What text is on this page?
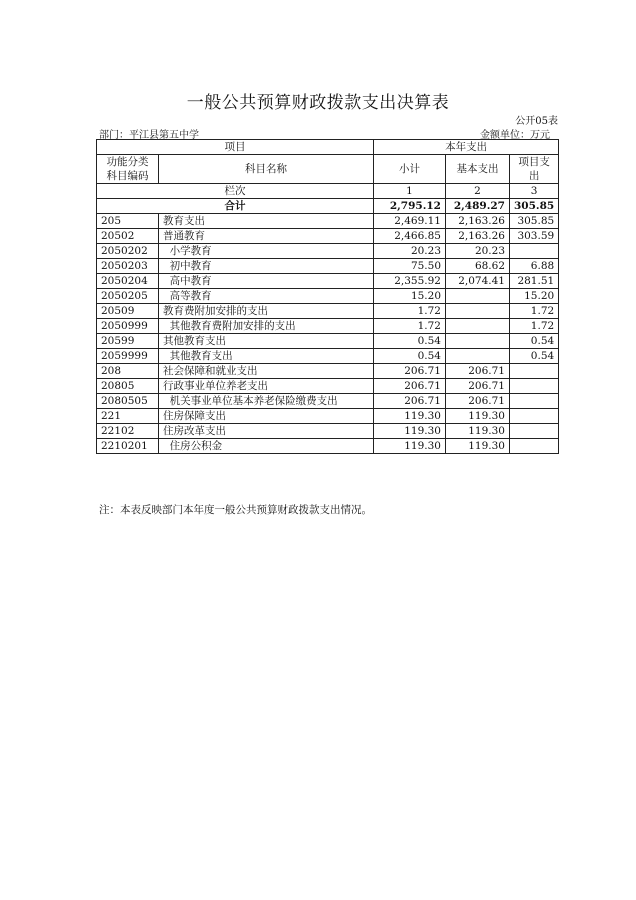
一般公共预算财政拨款支出决算表
公开05表
部门：平江县第五中学	金额单位：万元
项目		本年支出		
功能分类
科目编码	科目名称	小计	基本支出	项目支
出
栏次		1	2	3
合计		2,795.12	2,489.27	305.85
205	教育支出	2,469.11	2,163.26	305.85
20502	普通教育	2,466.85	2,163.26	303.59
2050202	小学教育	20.23	20.23	
2050203	初中教育	75.50	68.62	6.88
2050204	高中教育	2,355.92	2,074.41	281.51
2050205	高等教育	15.20		15.20
20509	教育费附加安排的支出	1.72		1.72
2050999	其他教育费附加安排的支出	1.72		1.72
20599	其他教育支出	0.54		0.54
2059999	其他教育支出	0.54		0.54
208	社会保障和就业支出	206.71	206.71	
20805	行政事业单位养老支出	206.71	206.71	
2080505	机关事业单位基本养老保险缴费支出	206.71	206.71	
221	住房保障支出	119.30	119.30	
22102	住房改革支出	119.30	119.30	
2210201	住房公积金	119.30	119.30	
注：本表反映部门本年度一般公共预算财政拨款支出情况。
